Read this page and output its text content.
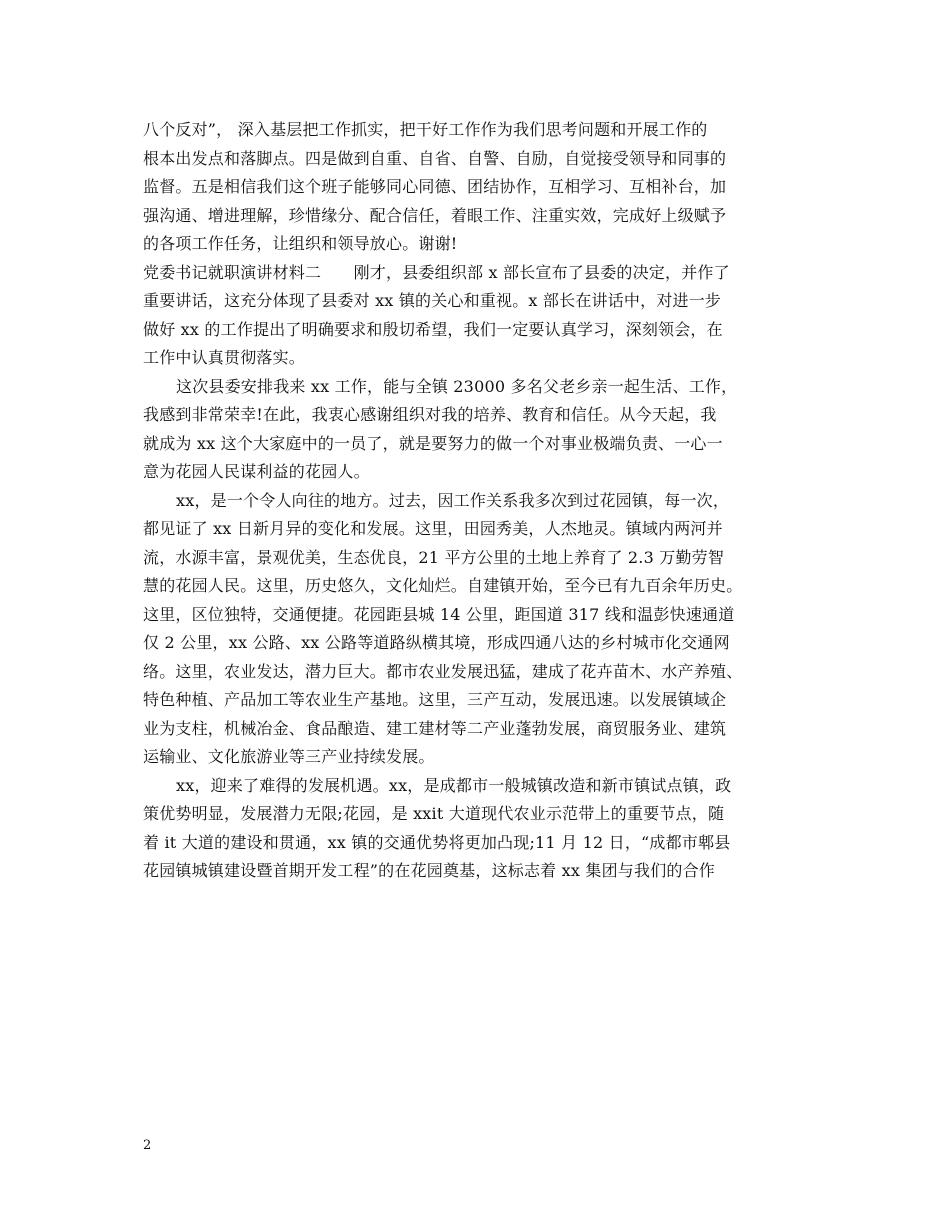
八个反对”， 深入基层把工作抓实，把干好工作作为我们思考问题和开展工作的
根本出发点和落脚点。四是做到自重、自省、自警、自励，自觉接受领导和同事的
监督。五是相信我们这个班子能够同心同德、团结协作，互相学习、互相补台，加
强沟通、增进理解，珍惜缘分、配合信任，着眼工作、注重实效，完成好上级赋予
的各项工作任务，让组织和领导放心。谢谢!
党委书记就职演讲材料二　　刚才，县委组织部 x 部长宣布了县委的决定，并作了
重要讲话，这充分体现了县委对 xx 镇的关心和重视。x 部长在讲话中，对进一步
做好 xx 的工作提出了明确要求和殷切希望，我们一定要认真学习，深刻领会，在
工作中认真贯彻落实。
这次县委安排我来 xx 工作，能与全镇 23000 多名父老乡亲一起生活、工作，
我感到非常荣幸!在此，我衷心感谢组织对我的培养、教育和信任。从今天起，我
就成为 xx 这个大家庭中的一员了，就是要努力的做一个对事业极端负责、一心一
意为花园人民谋利益的花园人。
xx，是一个令人向往的地方。过去，因工作关系我多次到过花园镇，每一次，
都见证了 xx 日新月异的变化和发展。这里，田园秀美，人杰地灵。镇域内两河并
流，水源丰富，景观优美，生态优良，21 平方公里的土地上养育了 2.3 万勤劳智
慧的花园人民。这里，历史悠久，文化灿烂。自建镇开始，至今已有九百余年历史。
这里，区位独特，交通便捷。花园距县城 14 公里，距国道 317 线和温彭快速通道
仅 2 公里，xx 公路、xx 公路等道路纵横其境，形成四通八达的乡村城市化交通网
络。这里，农业发达，潜力巨大。都市农业发展迅猛，建成了花卉苗木、水产养殖、
特色种植、产品加工等农业生产基地。这里，三产互动，发展迅速。以发展镇域企
业为支柱，机械冶金、食品酿造、建工建材等二产业蓬勃发展，商贸服务业、建筑
运输业、文化旅游业等三产业持续发展。
xx，迎来了难得的发展机遇。xx，是成都市一般城镇改造和新市镇试点镇，政
策优势明显，发展潜力无限;花园，是 xxit 大道现代农业示范带上的重要节点，随
着 it 大道的建设和贯通，xx 镇的交通优势将更加凸现;11 月 12 日，“成都市郫县
花园镇城镇建设暨首期开发工程”的在花园奠基，这标志着 xx 集团与我们的合作
2
